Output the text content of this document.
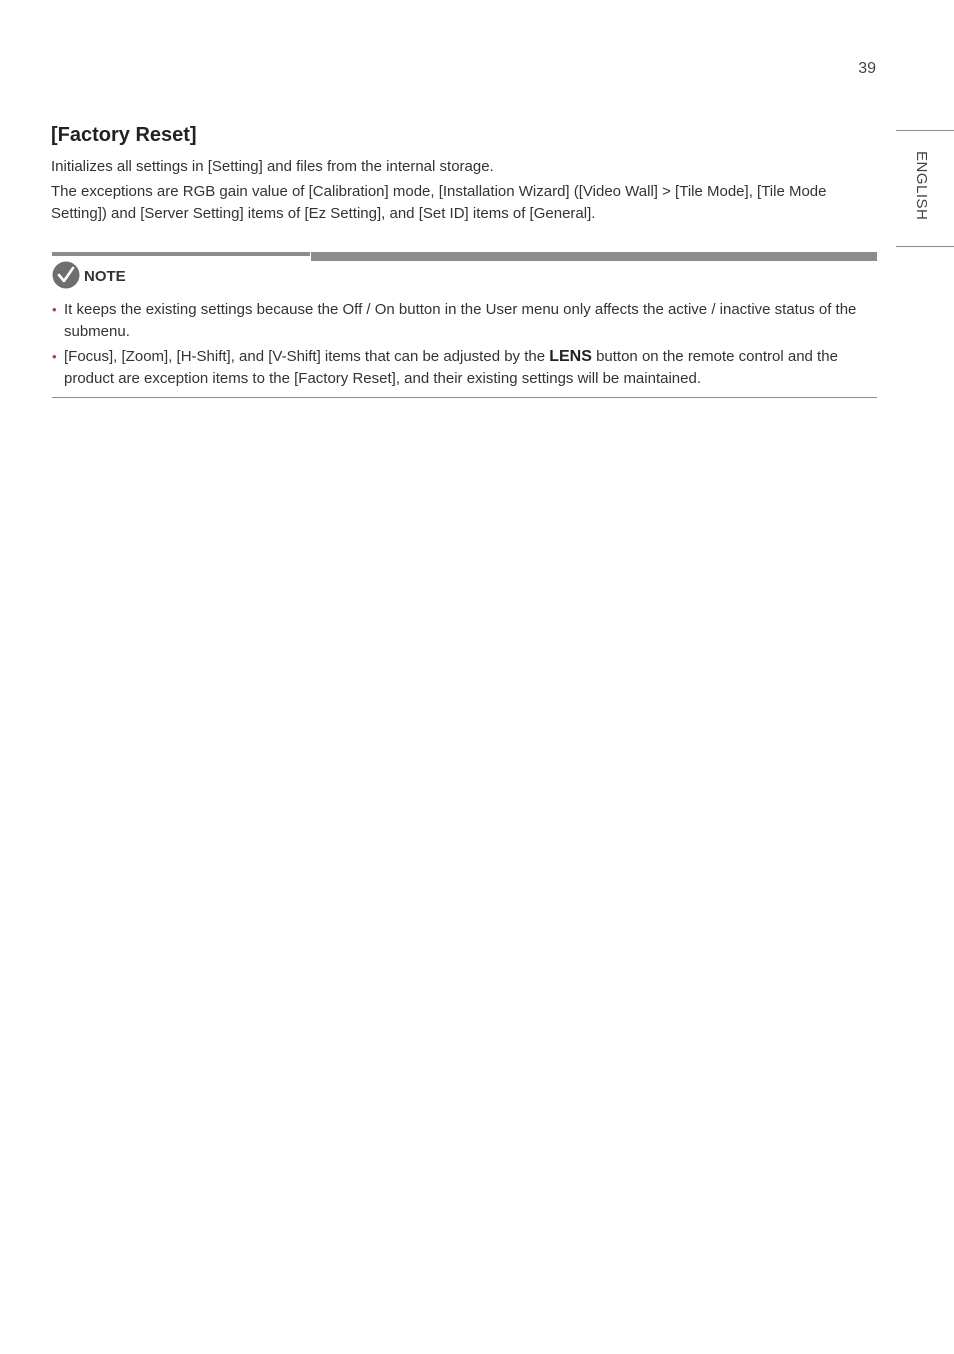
39
ENGLISH
[Factory Reset]

Initializes all settings in [Setting] and files from the internal storage.

The exceptions are RGB gain value of [Calibration] mode, [Installation Wizard] ([Video Wall] > [Tile Mode], [Tile Mode Setting]) and [Server Setting] items of [Ez Setting], and [Set ID] items of [General].

NOTE
• It keeps the existing settings because the Off / On button in the User menu only affects the active / inactive status of the submenu.
• [Focus], [Zoom], [H-Shift], and [V-Shift] items that can be adjusted by the LENS button on the remote control and the product are exception items to the [Factory Reset], and their existing settings will be maintained.
